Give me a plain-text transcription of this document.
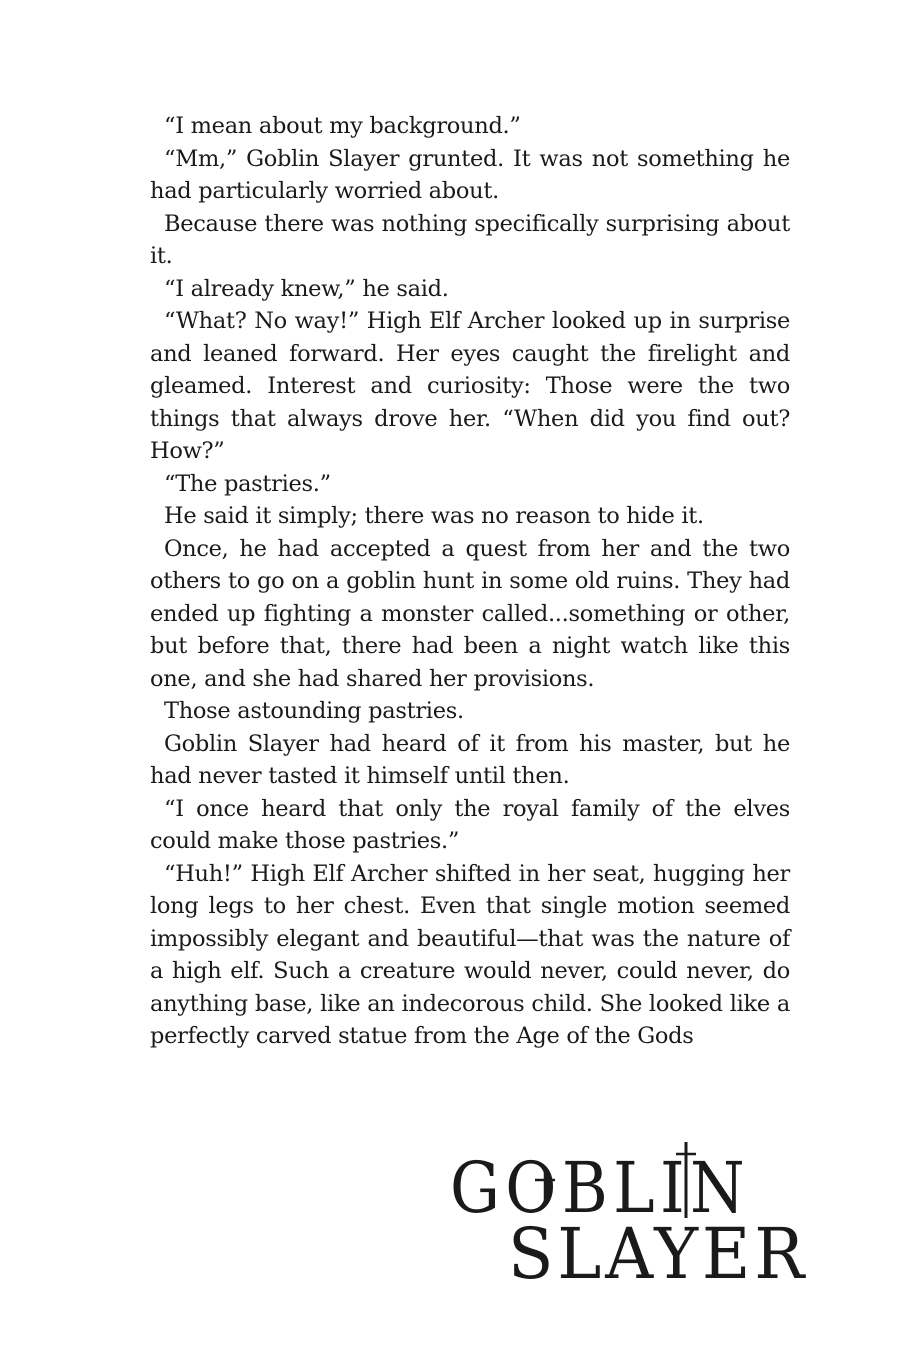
“I mean about my background.”

“Mm,” Goblin Slayer grunted. It was not something he had particularly worried about.

Because there was nothing specifically surprising about it.

“I already knew,” he said.

“What? No way!” High Elf Archer looked up in surprise and leaned forward. Her eyes caught the firelight and gleamed. Interest and curiosity: Those were the two things that always drove her. “When did you find out? How?”

“The pastries.”

He said it simply; there was no reason to hide it.

Once, he had accepted a quest from her and the two others to go on a goblin hunt in some old ruins. They had ended up fighting a monster called...something or other, but before that, there had been a night watch like this one, and she had shared her provisions.

Those astounding pastries.

Goblin Slayer had heard of it from his master, but he had never tasted it himself until then.

“I once heard that only the royal family of the elves could make those pastries.”

“Huh!” High Elf Archer shifted in her seat, hugging her long legs to her chest. Even that single motion seemed impossibly elegant and beautiful—that was the nature of a high elf. Such a creature would never, could never, do anything base, like an indecorous child. She looked like a perfectly carved statue from the Age of the Gods

GOBLIN
SLAYER
